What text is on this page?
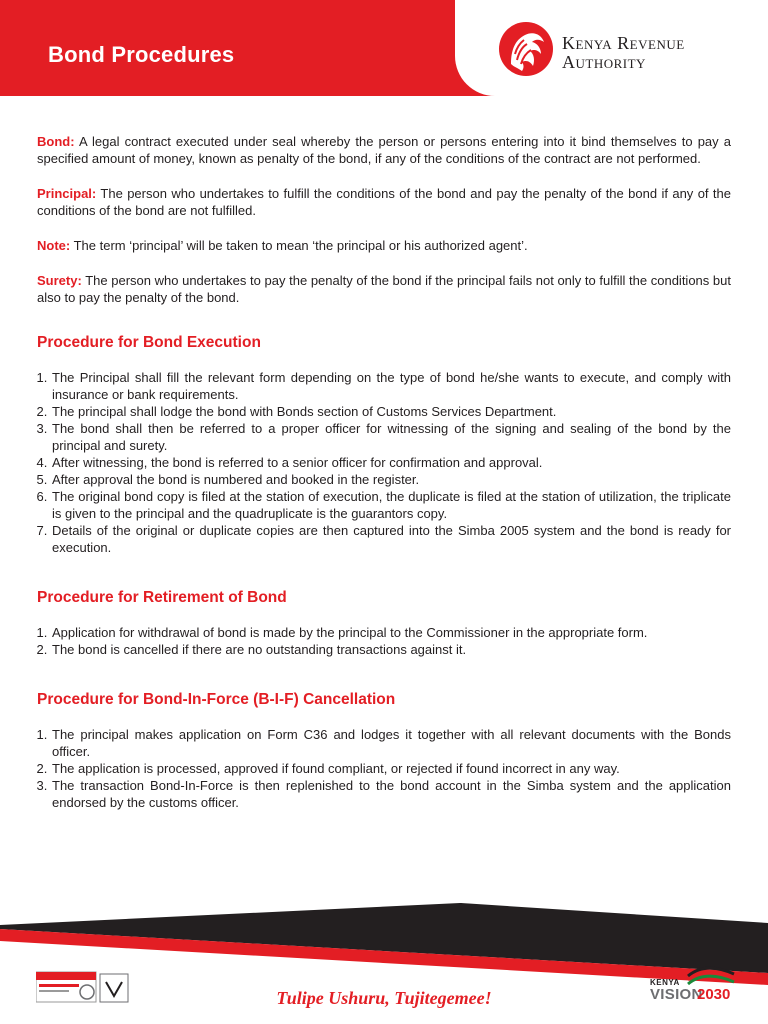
Bond Procedures	Kenya Revenue
Authority

Bond: A legal contract executed under seal whereby the person or persons entering into it bind themselves to pay a specified amount of money, known as penalty of the bond, if any of the conditions of the contract are not performed.

Principal: The person who undertakes to fulfill the conditions of the bond and pay the penalty of the bond if any of the conditions of the bond are not fulfilled.

Note: The term ‘principal’ will be taken to mean ‘the principal or his authorized agent’.

Surety: The person who undertakes to pay the penalty of the bond if the principal fails not only to fulfill the conditions but also to pay the penalty of the bond.

Procedure for Bond Execution
1. The Principal shall fill the relevant form depending on the type of bond he/she wants to execute, and comply with insurance or bank requirements.
2. The principal shall lodge the bond with Bonds section of Customs Services Department.
3. The bond shall then be referred to a proper officer for witnessing of the signing and sealing of the bond by the principal and surety.
4. After witnessing, the bond is referred to a senior officer for confirmation and approval.
5. After approval the bond is numbered and booked in the register.
6. The original bond copy is filed at the station of execution, the duplicate is filed at the station of utilization, the triplicate is given to the principal and the quadruplicate is the guarantors copy.
7. Details of the original or duplicate copies are then captured into the Simba 2005 system and the bond is ready for execution.
Procedure for Retirement of Bond
1. Application for withdrawal of bond is made by the principal to the Commissioner in the appropriate form.
2. The bond is cancelled if there are no outstanding transactions against it.
Procedure for Bond-In-Force (B-I-F) Cancellation
1. The principal makes application on Form C36 and lodges it together with all relevant documents with the Bonds officer.
2. The application is processed, approved if found compliant, or rejected if found incorrect in any way.
3. The transaction Bond-In-Force is then replenished to the bond account in the Simba system and the application endorsed by the customs officer.
Tulipe Ushuru, Tujitegemee!
KENYA
VISION
2030
